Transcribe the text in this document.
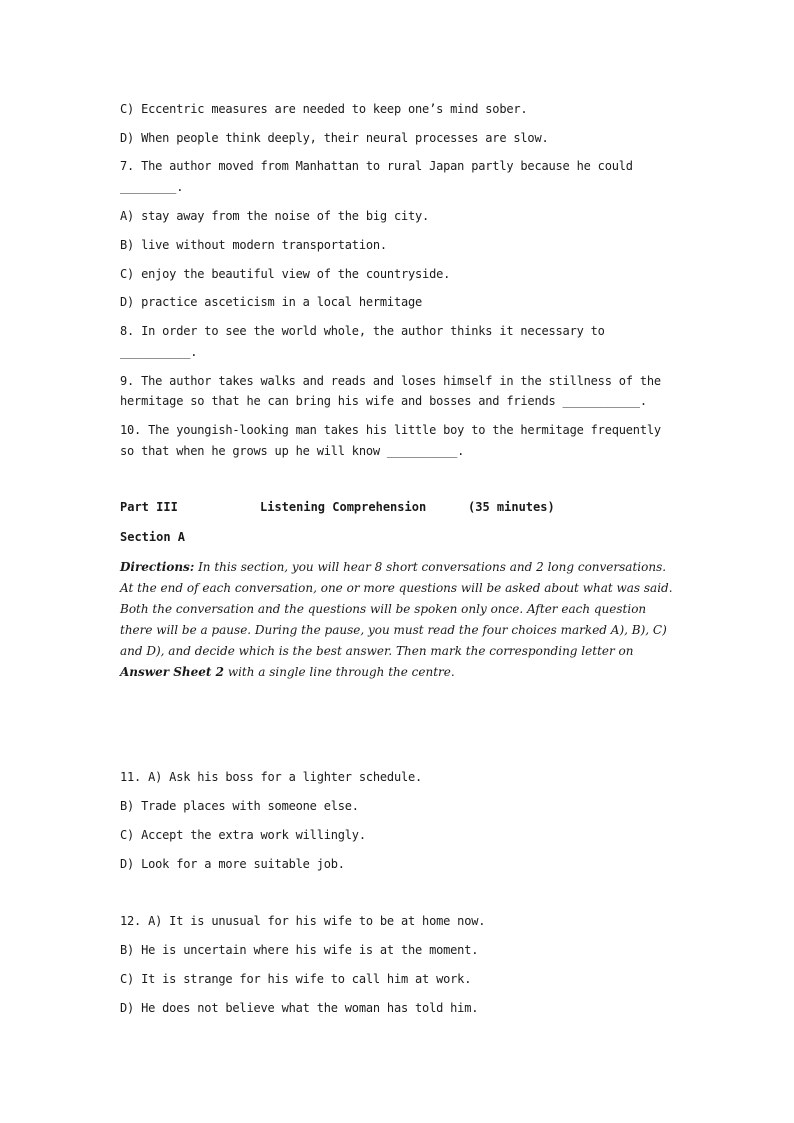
C) Eccentric measures are needed to keep one’s mind sober.
D) When people think deeply, their neural processes are slow.
7. The author moved from Manhattan to rural Japan partly because he could
________.
A) stay away from the noise of the big city.
B) live without modern transportation.
C) enjoy the beautiful view of the countryside.
D) practice asceticism in a local hermitage
8. In order to see the world whole, the author thinks it necessary to
__________.
9. The author takes walks and reads and loses himself in the stillness of the
hermitage so that he can bring his wife and bosses and friends ___________.
10. The youngish-looking man takes his little boy to the hermitage frequently
so that when he grows up he will know __________.
Part III	Listening Comprehension	(35 minutes)
Section A
Directions: In this section, you will hear 8 short conversations and 2 long conversations. At the end of each conversation, one or more questions will be asked about what was said. Both the conversation and the questions will be spoken only once. After each question there will be a pause. During the pause, you must read the four choices marked A), B), C) and D), and decide which is the best answer. Then mark the corresponding letter on Answer Sheet 2 with a single line through the centre.
11. A) Ask his boss for a lighter schedule.
B) Trade places with someone else.
C) Accept the extra work willingly.
D) Look for a more suitable job.
12. A) It is unusual for his wife to be at home now.
B) He is uncertain where his wife is at the moment.
C) It is strange for his wife to call him at work.
D) He does not believe what the woman has told him.
